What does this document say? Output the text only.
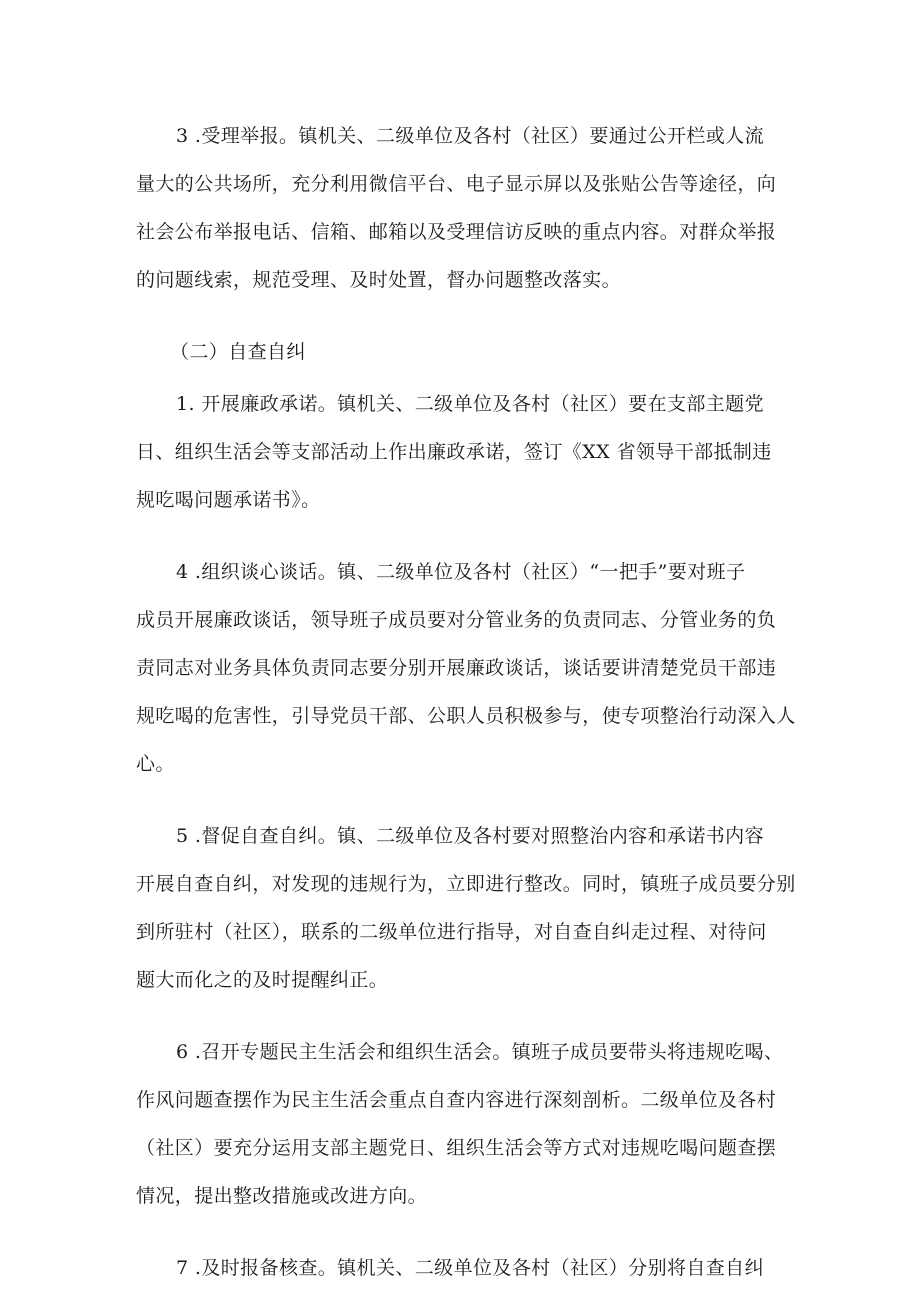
3 .受理举报。镇机关、二级单位及各村（社区）要通过公开栏或人流
量大的公共场所，充分利用微信平台、电子显示屏以及张贴公告等途径，向
社会公布举报电话、信箱、邮箱以及受理信访反映的重点内容。对群众举报
的问题线索，规范受理、及时处置，督办问题整改落实。
（二）自查自纠
1. 开展廉政承诺。镇机关、二级单位及各村（社区）要在支部主题党
日、组织生活会等支部活动上作出廉政承诺，签订《XX 省领导干部抵制违
规吃喝问题承诺书》。
4 .组织谈心谈话。镇、二级单位及各村（社区）“一把手”要对班子
成员开展廉政谈话，领导班子成员要对分管业务的负责同志、分管业务的负
责同志对业务具体负责同志要分别开展廉政谈话，谈话要讲清楚党员干部违
规吃喝的危害性，引导党员干部、公职人员积极参与，使专项整治行动深入人
心。
5 .督促自查自纠。镇、二级单位及各村要对照整治内容和承诺书内容
开展自查自纠，对发现的违规行为，立即进行整改。同时，镇班子成员要分别
到所驻村（社区），联系的二级单位进行指导，对自查自纠走过程、对待问
题大而化之的及时提醒纠正。
6 .召开专题民主生活会和组织生活会。镇班子成员要带头将违规吃喝、
作风问题查摆作为民主生活会重点自查内容进行深刻剖析。二级单位及各村
（社区）要充分运用支部主题党日、组织生活会等方式对违规吃喝问题查摆
情况，提出整改措施或改进方向。
7 .及时报备核查。镇机关、二级单位及各村（社区）分别将自查自纠
